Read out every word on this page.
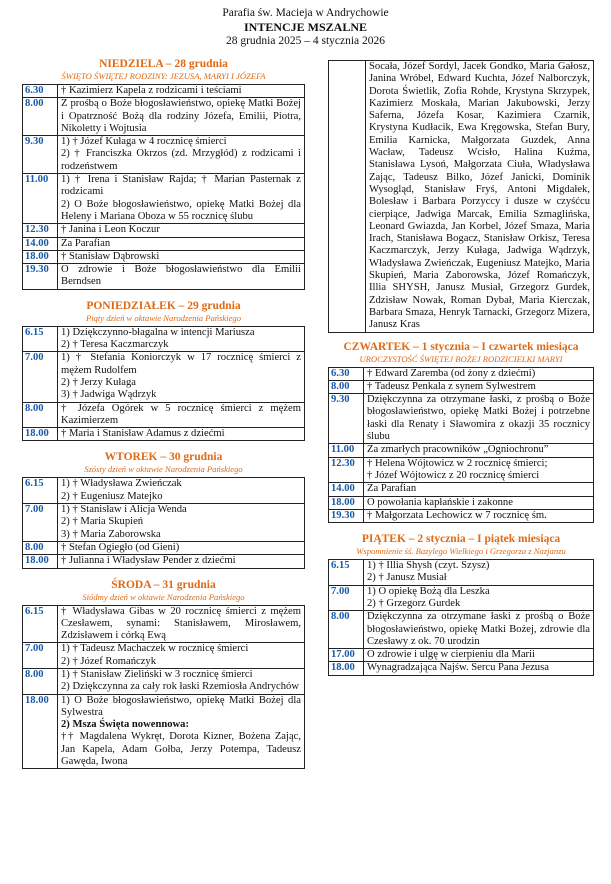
Parafia św. Macieja w Andrychowie
INTENCJE MSZALNE
28 grudnia 2025 – 4 stycznia 2026
NIEDZIELA – 28 grudnia
ŚWIĘTO ŚWIĘTEJ RODZINY: JEZUSA, MARYI I JÓZEFA
6.30	† Kazimierz Kapela z rodzicami i teściami

8.00	Z prośbą o Boże błogosławieństwo, opiekę Matki Bożej i Opatrzność Bożą dla rodziny Józefa, Emilii, Piotra, Nikoletty i Wojtusia

9.30	1) † Józef Kułaga w 4 rocznicę śmierci
2) † Franciszka Okrzos (zd. Mrzygłód) z rodzicami i rodzeństwem

11.00	1) † Irena i Stanisław Rajda; † Marian Pasternak z rodzicami
2) O Boże błogosławieństwo, opiekę Matki Bożej dla Heleny i Mariana Oboza w 55 rocznicę ślubu

12.30	† Janina i Leon Koczur

14.00	Za Parafian

18.00	† Stanisław Dąbrowski

19.30	O zdrowie i Boże błogosławieństwo dla Emilii Berndsen
PONIEDZIAŁEK – 29 grudnia
Piąty dzień w oktawie Narodzenia Pańskiego
6.15	1) Dziękczynno-błagalna w intencji Mariusza
2) † Teresa Kaczmarczyk

7.00	1) † Stefania Koniorczyk w 17 rocznicę śmierci z mężem Rudolfem
2) † Jerzy Kułaga
3) † Jadwiga Wądrzyk

8.00	† Józefa Ogórek w 5 rocznicę śmierci z mężem Kazimierzem

18.00	† Maria i Stanisław Adamus z dziećmi
WTOREK – 30 grudnia
Szósty dzień w oktawie Narodzenia Pańskiego
6.15	1) † Władysława Zwieńczak
2) † Eugeniusz Matejko

7.00	1) † Stanisław i Alicja Wenda
2) † Maria Skupień
3) † Maria Zaborowska

8.00	† Stefan Ogiegło (od Gieni)

18.00	† Julianna i Władysław Pender z dziećmi
ŚRODA – 31 grudnia
Siódmy dzień w oktawie Narodzenia Pańskiego
6.15	† Władysława Gibas w 20 rocznicę śmierci z mężem Czesławem, synami: Stanisławem, Mirosławem, Zdzisławem i córką Ewą

7.00	1) † Tadeusz Machaczek w rocznicę śmierci
2) † Józef Romańczyk

8.00	1) † Stanisław Zieliński w 3 rocznicę śmierci
2) Dziękczynna za cały rok łaski Rzemiosła Andrychów

18.00	1) O Boże błogosławieństwo, opiekę Matki Bożej dla Sylwestra
2) Msza Święta nowennowa:
†† Magdalena Wykręt, Dorota Kizner, Bożena Zając, Jan Kapela, Adam Gołba, Jerzy Potempa, Tadeusz Gawęda, Iwona
	Socała, Józef Sordyl, Jacek Gondko, Maria Gałosz, Janina Wróbel, Edward Kuchta, Józef Nalborczyk, Dorota Świetlik, Zofia Rohde, Krystyna Skrzypek, Kazimierz Moskała, Marian Jakubowski, Jerzy Saferna, Józefa Kosar, Kazimiera Czarnik, Krystyna Kudłacik, Ewa Kręgowska, Stefan Bury, Emilia Karnicka, Małgorzata Guzdek, Anna Wacław, Tadeusz Wcisło, Halina Kuźma, Stanisława Lysoń, Małgorzata Ciuła, Władysława Zając, Tadeusz Bilko, Józef Janicki, Dominik Wysogląd, Stanisław Fryś, Antoni Migdałek, Bolesław i Barbara Porzyccy i dusze w czyśćcu cierpiące, Jadwiga Marcak, Emilia Szmaglińska, Leonard Gwiazda, Jan Korbel, Józef Smaza, Maria Irach, Stanisława Bogacz, Stanisław Orkisz, Teresa Kaczmarczyk, Jerzy Kułaga, Jadwiga Wądrzyk, Władysława Zwieńczak, Eugeniusz Matejko, Maria Skupień, Maria Zaborowska, Józef Romańczyk, Illia SHYSH, Janusz Musiał, Grzegorz Gurdek, Zdzisław Nowak, Roman Dybał, Maria Kierczak, Barbara Smaza, Henryk Tarnacki, Grzegorz Mizera, Janusz Kras
CZWARTEK – 1 stycznia – I czwartek miesiąca
UROCZYSTOŚĆ ŚWIĘTEJ BOŻEJ RODZICIELKI MARYI
6.30	† Edward Zaremba (od żony z dziećmi)

8.00	† Tadeusz Penkala z synem Sylwestrem

9.30	Dziękczynna za otrzymane łaski, z prośbą o Boże błogosławieństwo, opiekę Matki Bożej i potrzebne łaski dla Renaty i Sławomira z okazji 35 rocznicy ślubu

11.00	Za zmarłych pracowników „Ogniochronu”

12.30	† Helena Wójtowicz w 2 rocznicę śmierci;
† Józef Wójtowicz z 20 rocznicę śmierci

14.00	Za Parafian

18.00	O powołania kapłańskie i zakonne

19.30	† Małgorzata Lechowicz w 7 rocznicę śm.
PIĄTEK – 2 stycznia – I piątek miesiąca
Wspomnienie śś. Bazylego Wielkiego i Grzegorza z Nazjanzu
6.15	1) † Illia Shysh (czyt. Szysz)
2) † Janusz Musiał

7.00	1) O opiekę Bożą dla Leszka
2) † Grzegorz Gurdek

8.00	Dziękczynna za otrzymane łaski z prośbą o Boże błogosławieństwo, opiekę Matki Bożej, zdrowie dla Czesławy z ok. 70 urodzin

17.00	O zdrowie i ulgę w cierpieniu dla Marii

18.00	Wynagradzająca Najśw. Sercu Pana Jezusa
